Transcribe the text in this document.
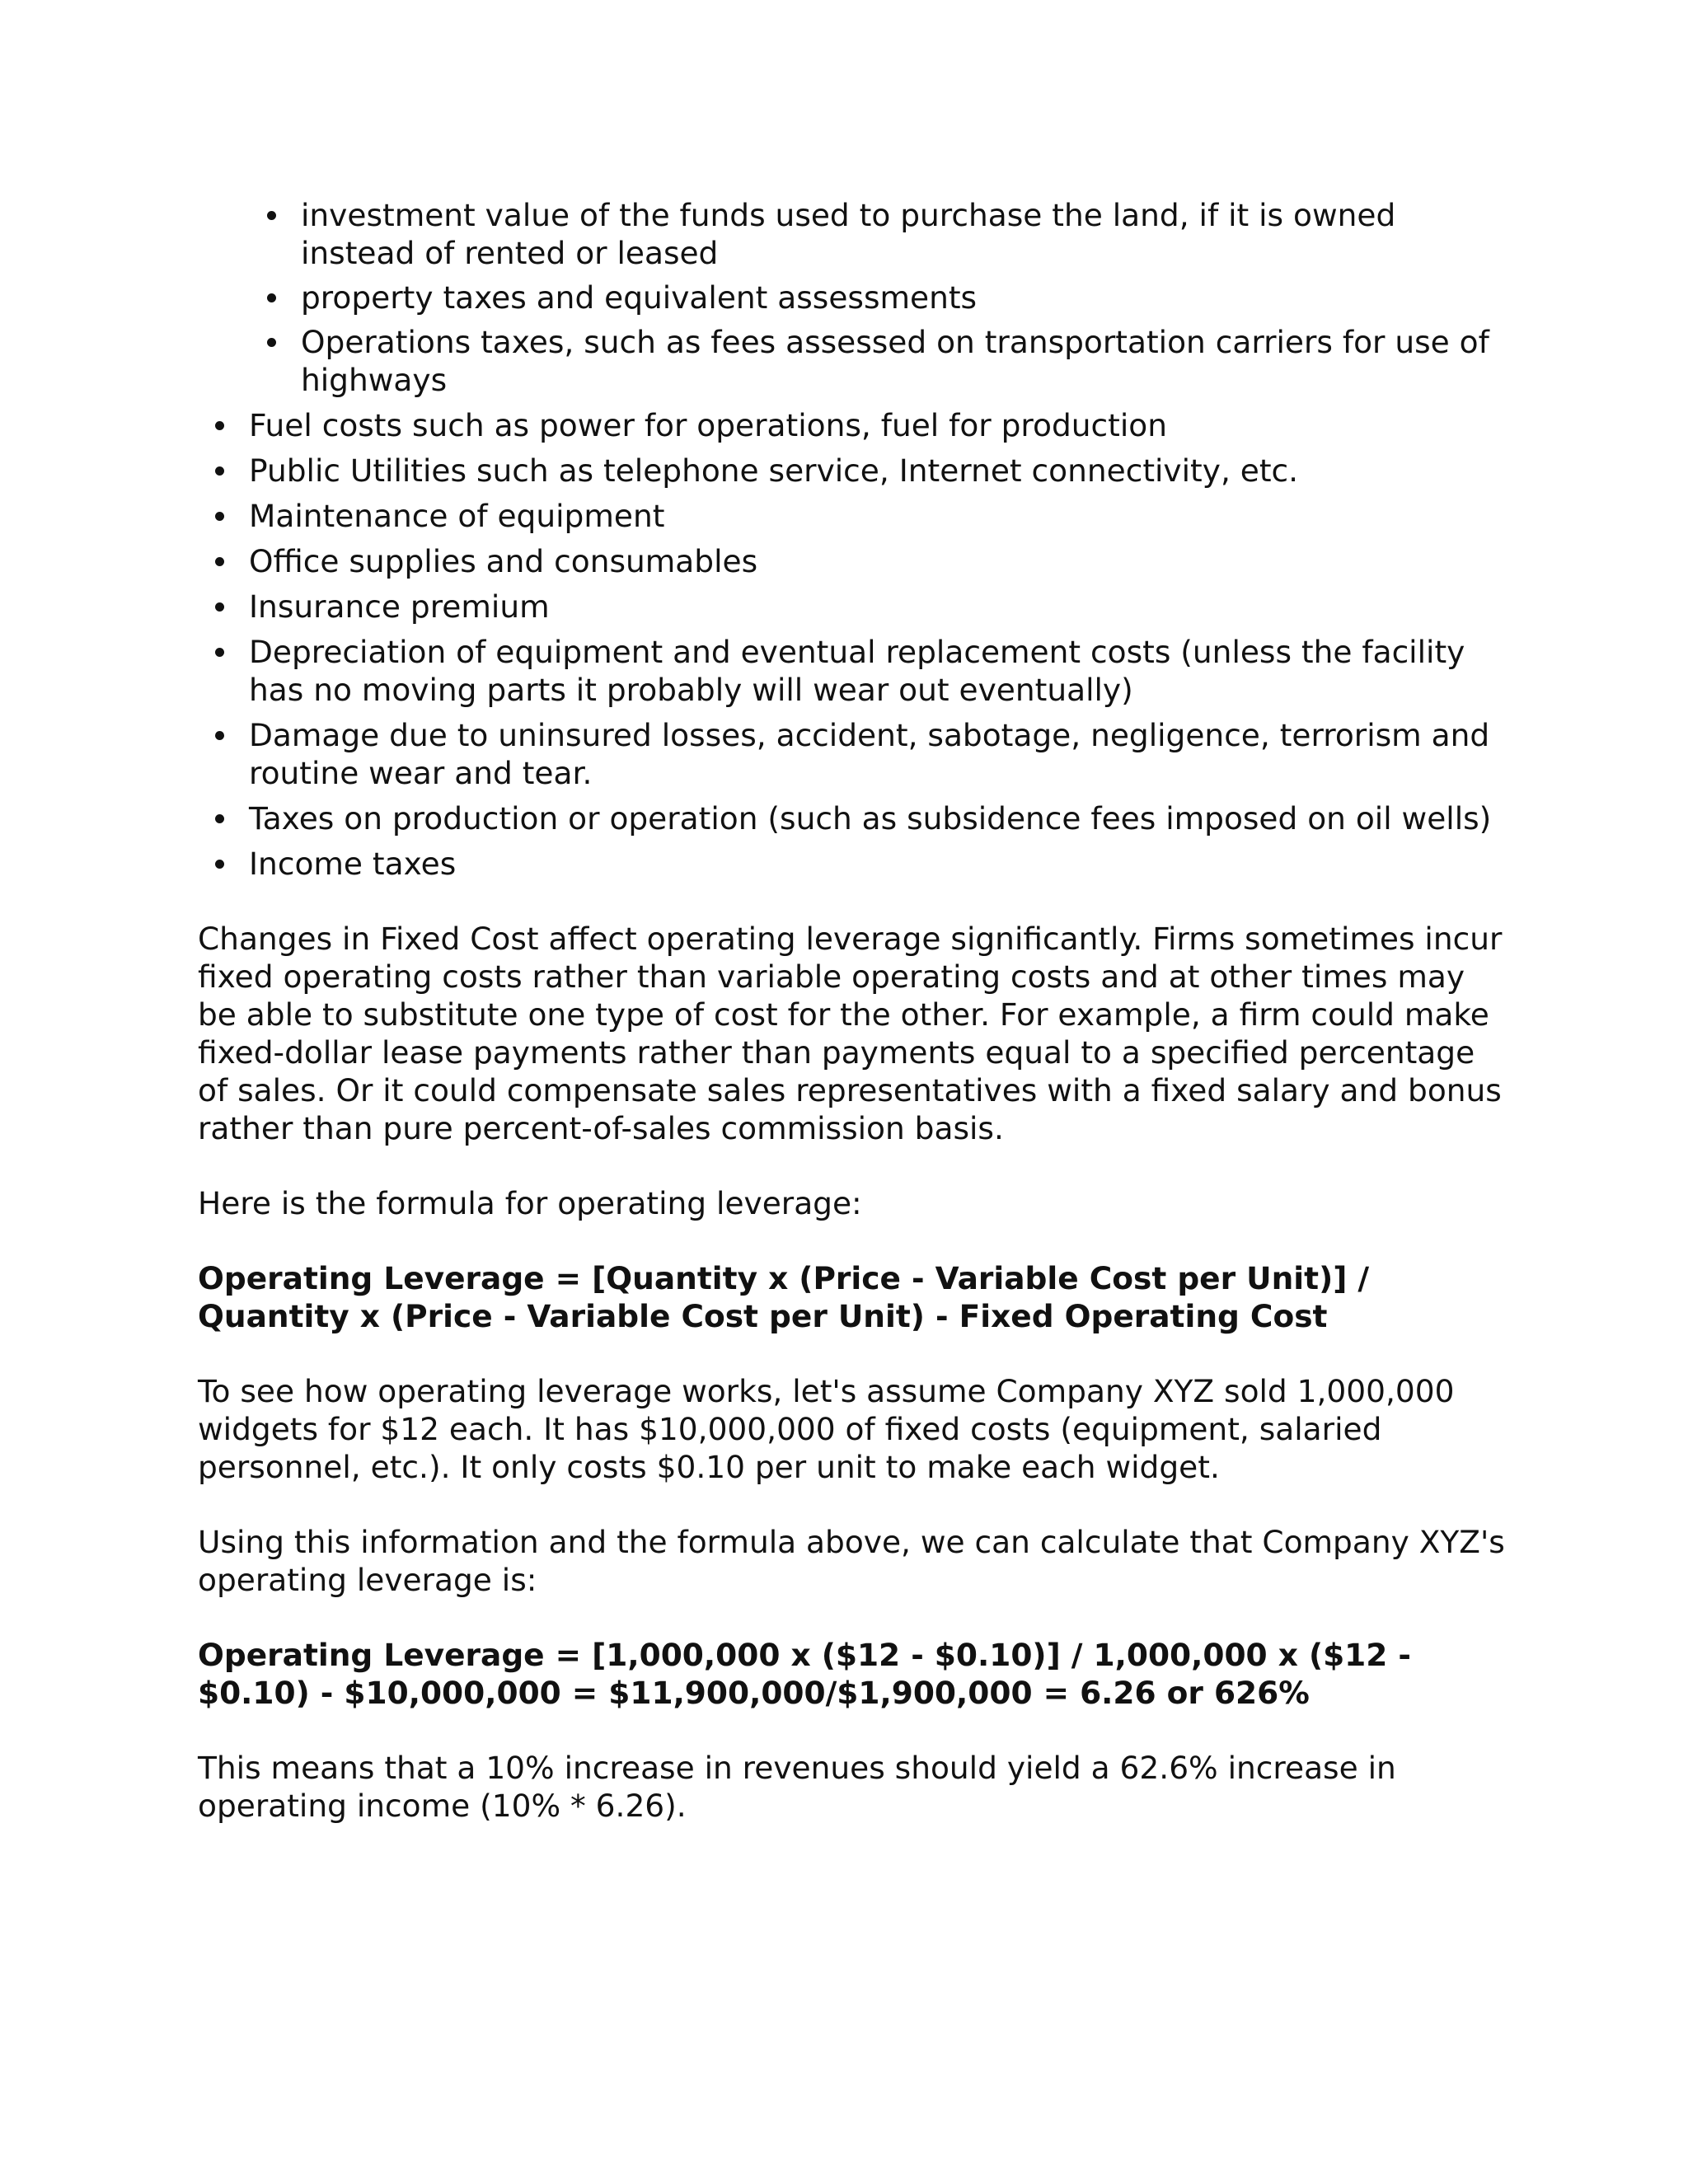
investment value of the funds used to purchase the land, if it is owned instead of rented or leased
property taxes and equivalent assessments
Operations taxes, such as fees assessed on transportation carriers for use of highways
Fuel costs such as power for operations, fuel for production
Public Utilities such as telephone service, Internet connectivity, etc.
Maintenance of equipment
Office supplies and consumables
Insurance premium
Depreciation of equipment and eventual replacement costs (unless the facility has no moving parts it probably will wear out eventually)
Damage due to uninsured losses, accident, sabotage, negligence, terrorism and routine wear and tear.
Taxes on production or operation (such as subsidence fees imposed on oil wells)
Income taxes

Changes in Fixed Cost affect operating leverage significantly. Firms sometimes incur fixed operating costs rather than variable operating costs and at other times may be able to substitute one type of cost for the other. For example, a firm could make fixed-dollar lease payments rather than payments equal to a specified percentage of sales. Or it could compensate sales representatives with a fixed salary and bonus rather than pure percent-of-sales commission basis.

Here is the formula for operating leverage:

Operating Leverage = [Quantity x (Price - Variable Cost per Unit)] / Quantity x (Price - Variable Cost per Unit) - Fixed Operating Cost

To see how operating leverage works, let's assume Company XYZ sold 1,000,000 widgets for $12 each. It has $10,000,000 of fixed costs (equipment, salaried personnel, etc.). It only costs $0.10 per unit to make each widget.

Using this information and the formula above, we can calculate that Company XYZ's operating leverage is:

Operating Leverage = [1,000,000 x ($12 - $0.10)] / 1,000,000 x ($12 - $0.10) - $10,000,000 = $11,900,000/$1,900,000 = 6.26 or 626%

This means that a 10% increase in revenues should yield a 62.6% increase in operating income (10% * 6.26).
